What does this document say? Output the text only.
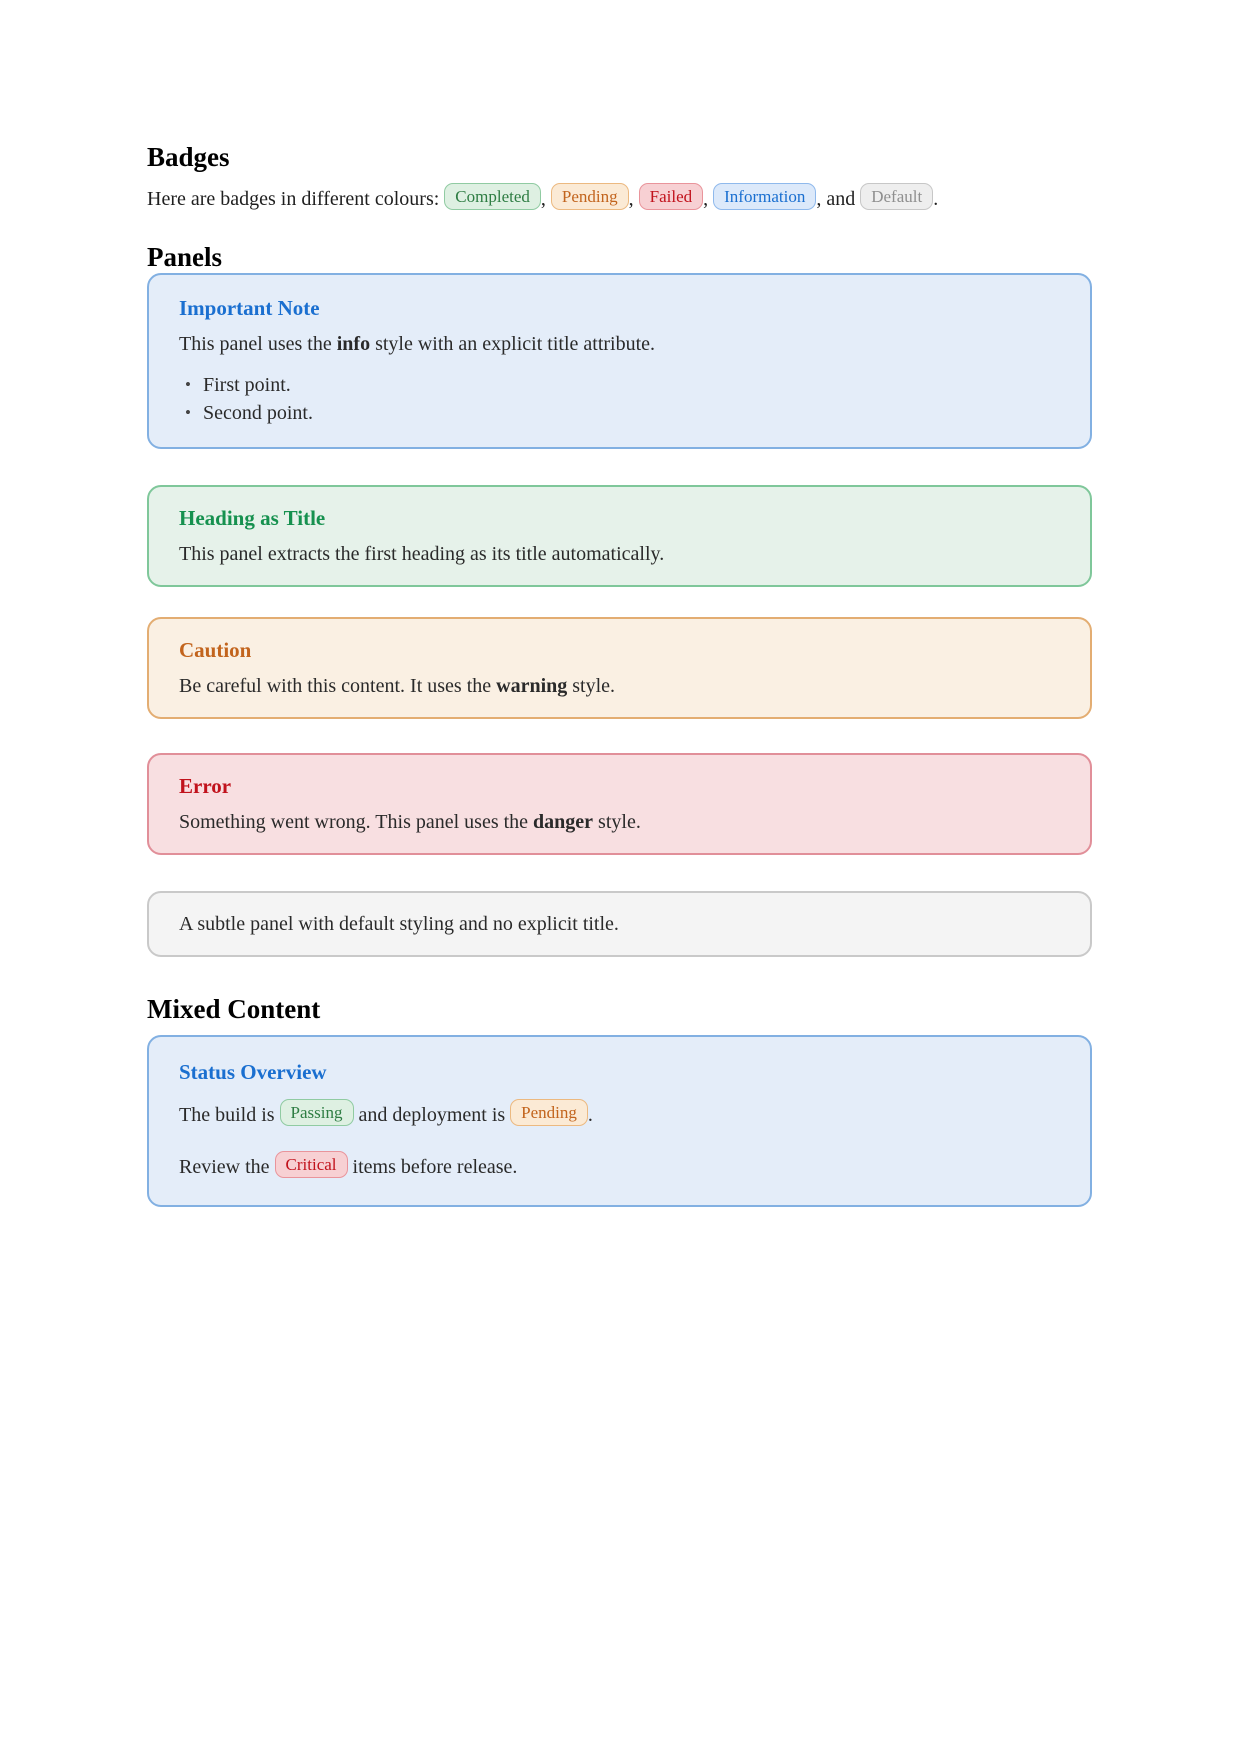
Badges

Here are badges in different colours: Completed , Pending , Failed , Information , and Default .

Panels
Important Note

This panel uses the info style with an explicit title attribute.

• First point.
• Second point.
Heading as Title

This panel extracts the first heading as its title automatically.

Caution

Be careful with this content. It uses the warning style.

Error

Something went wrong. This panel uses the danger style.

A subtle panel with default styling and no explicit title.

Mixed Content
Status Overview

The build is Passing and deployment is Pending .

Review the Critical items before release.
